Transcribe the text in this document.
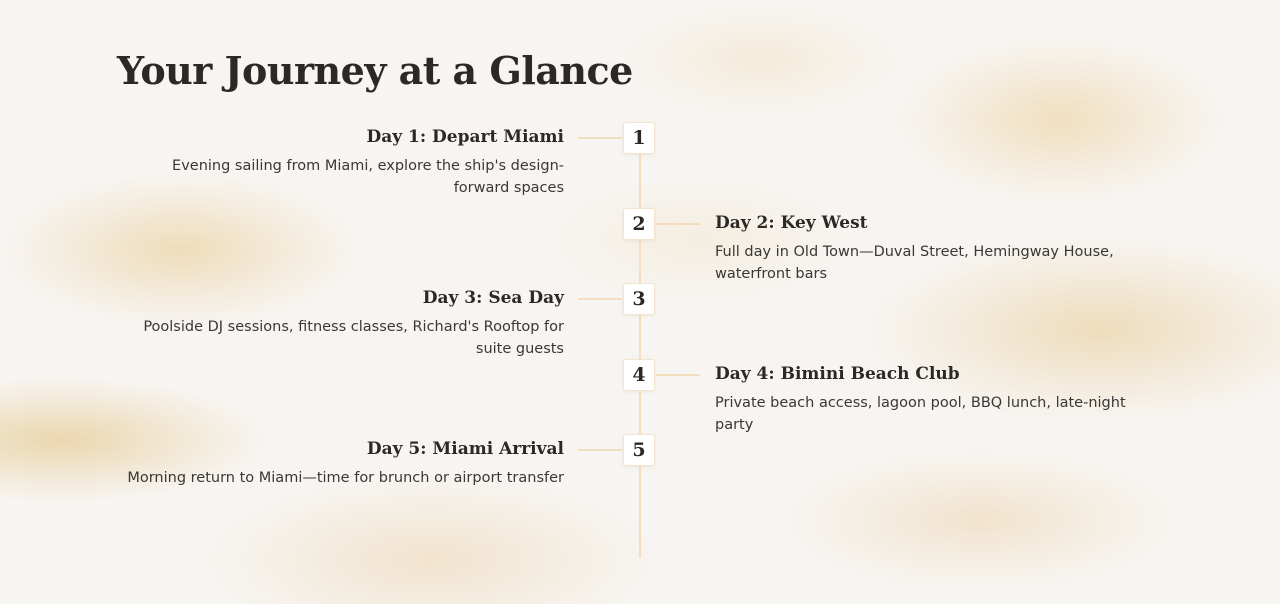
Your Journey at a Glance
1
Day 1: Depart Miami

Evening sailing from Miami, explore the ship's design-forward spaces

2	Day 2: Key West

Full day in Old Town—Duval Street, Hemingway House, waterfront bars

3
Day 3: Sea Day

Poolside DJ sessions, fitness classes, Richard's Rooftop for suite guests

4	Day 4: Bimini Beach Club

Private beach access, lagoon pool, BBQ lunch, late-night party

5
Day 5: Miami Arrival

Morning return to Miami—time for brunch or airport transfer
